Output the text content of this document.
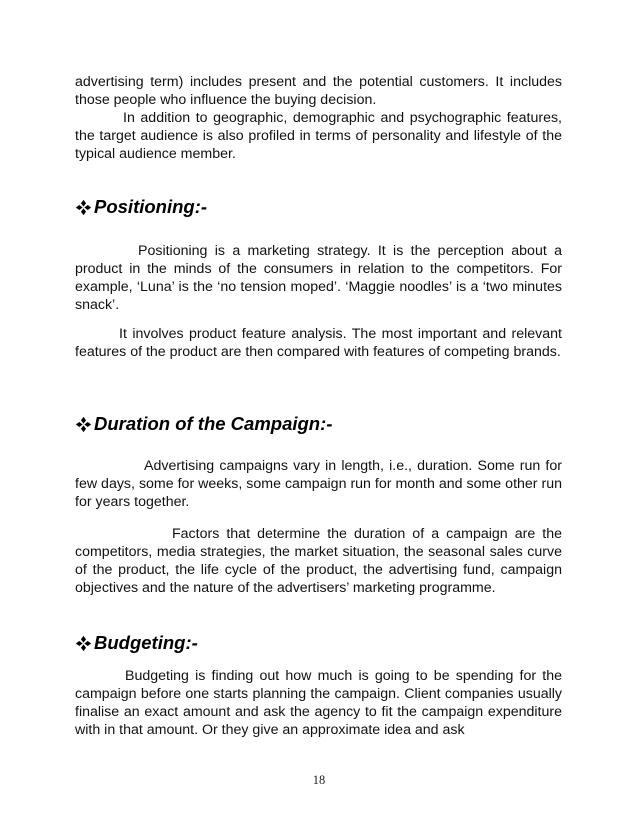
advertising term) includes present and the potential customers. It includes those people who influence the buying decision.

In addition to geographic, demographic and psychographic features, the target audience is also profiled in terms of personality and lifestyle of the typical audience member.

Positioning:-

Positioning is a marketing strategy. It is the perception about a product in the minds of the consumers in relation to the competitors. For example, ‘Luna’ is the ‘no tension moped’. ‘Maggie noodles’ is a ‘two minutes snack’.

It involves product feature analysis. The most important and relevant features of the product are then compared with features of competing brands.

Duration of the Campaign:-

Advertising campaigns vary in length, i.e., duration. Some run for few days, some for weeks, some campaign run for month and some other run for years together.

Factors that determine the duration of a campaign are the competitors, media strategies, the market situation, the seasonal sales curve of the product, the life cycle of the product, the advertising fund, campaign objectives and the nature of the advertisers’ marketing programme.

Budgeting:-

Budgeting is finding out how much is going to be spending for the campaign before one starts planning the campaign. Client companies usually finalise an exact amount and ask the agency to fit the campaign expenditure with in that amount. Or they give an approximate idea and ask

18
